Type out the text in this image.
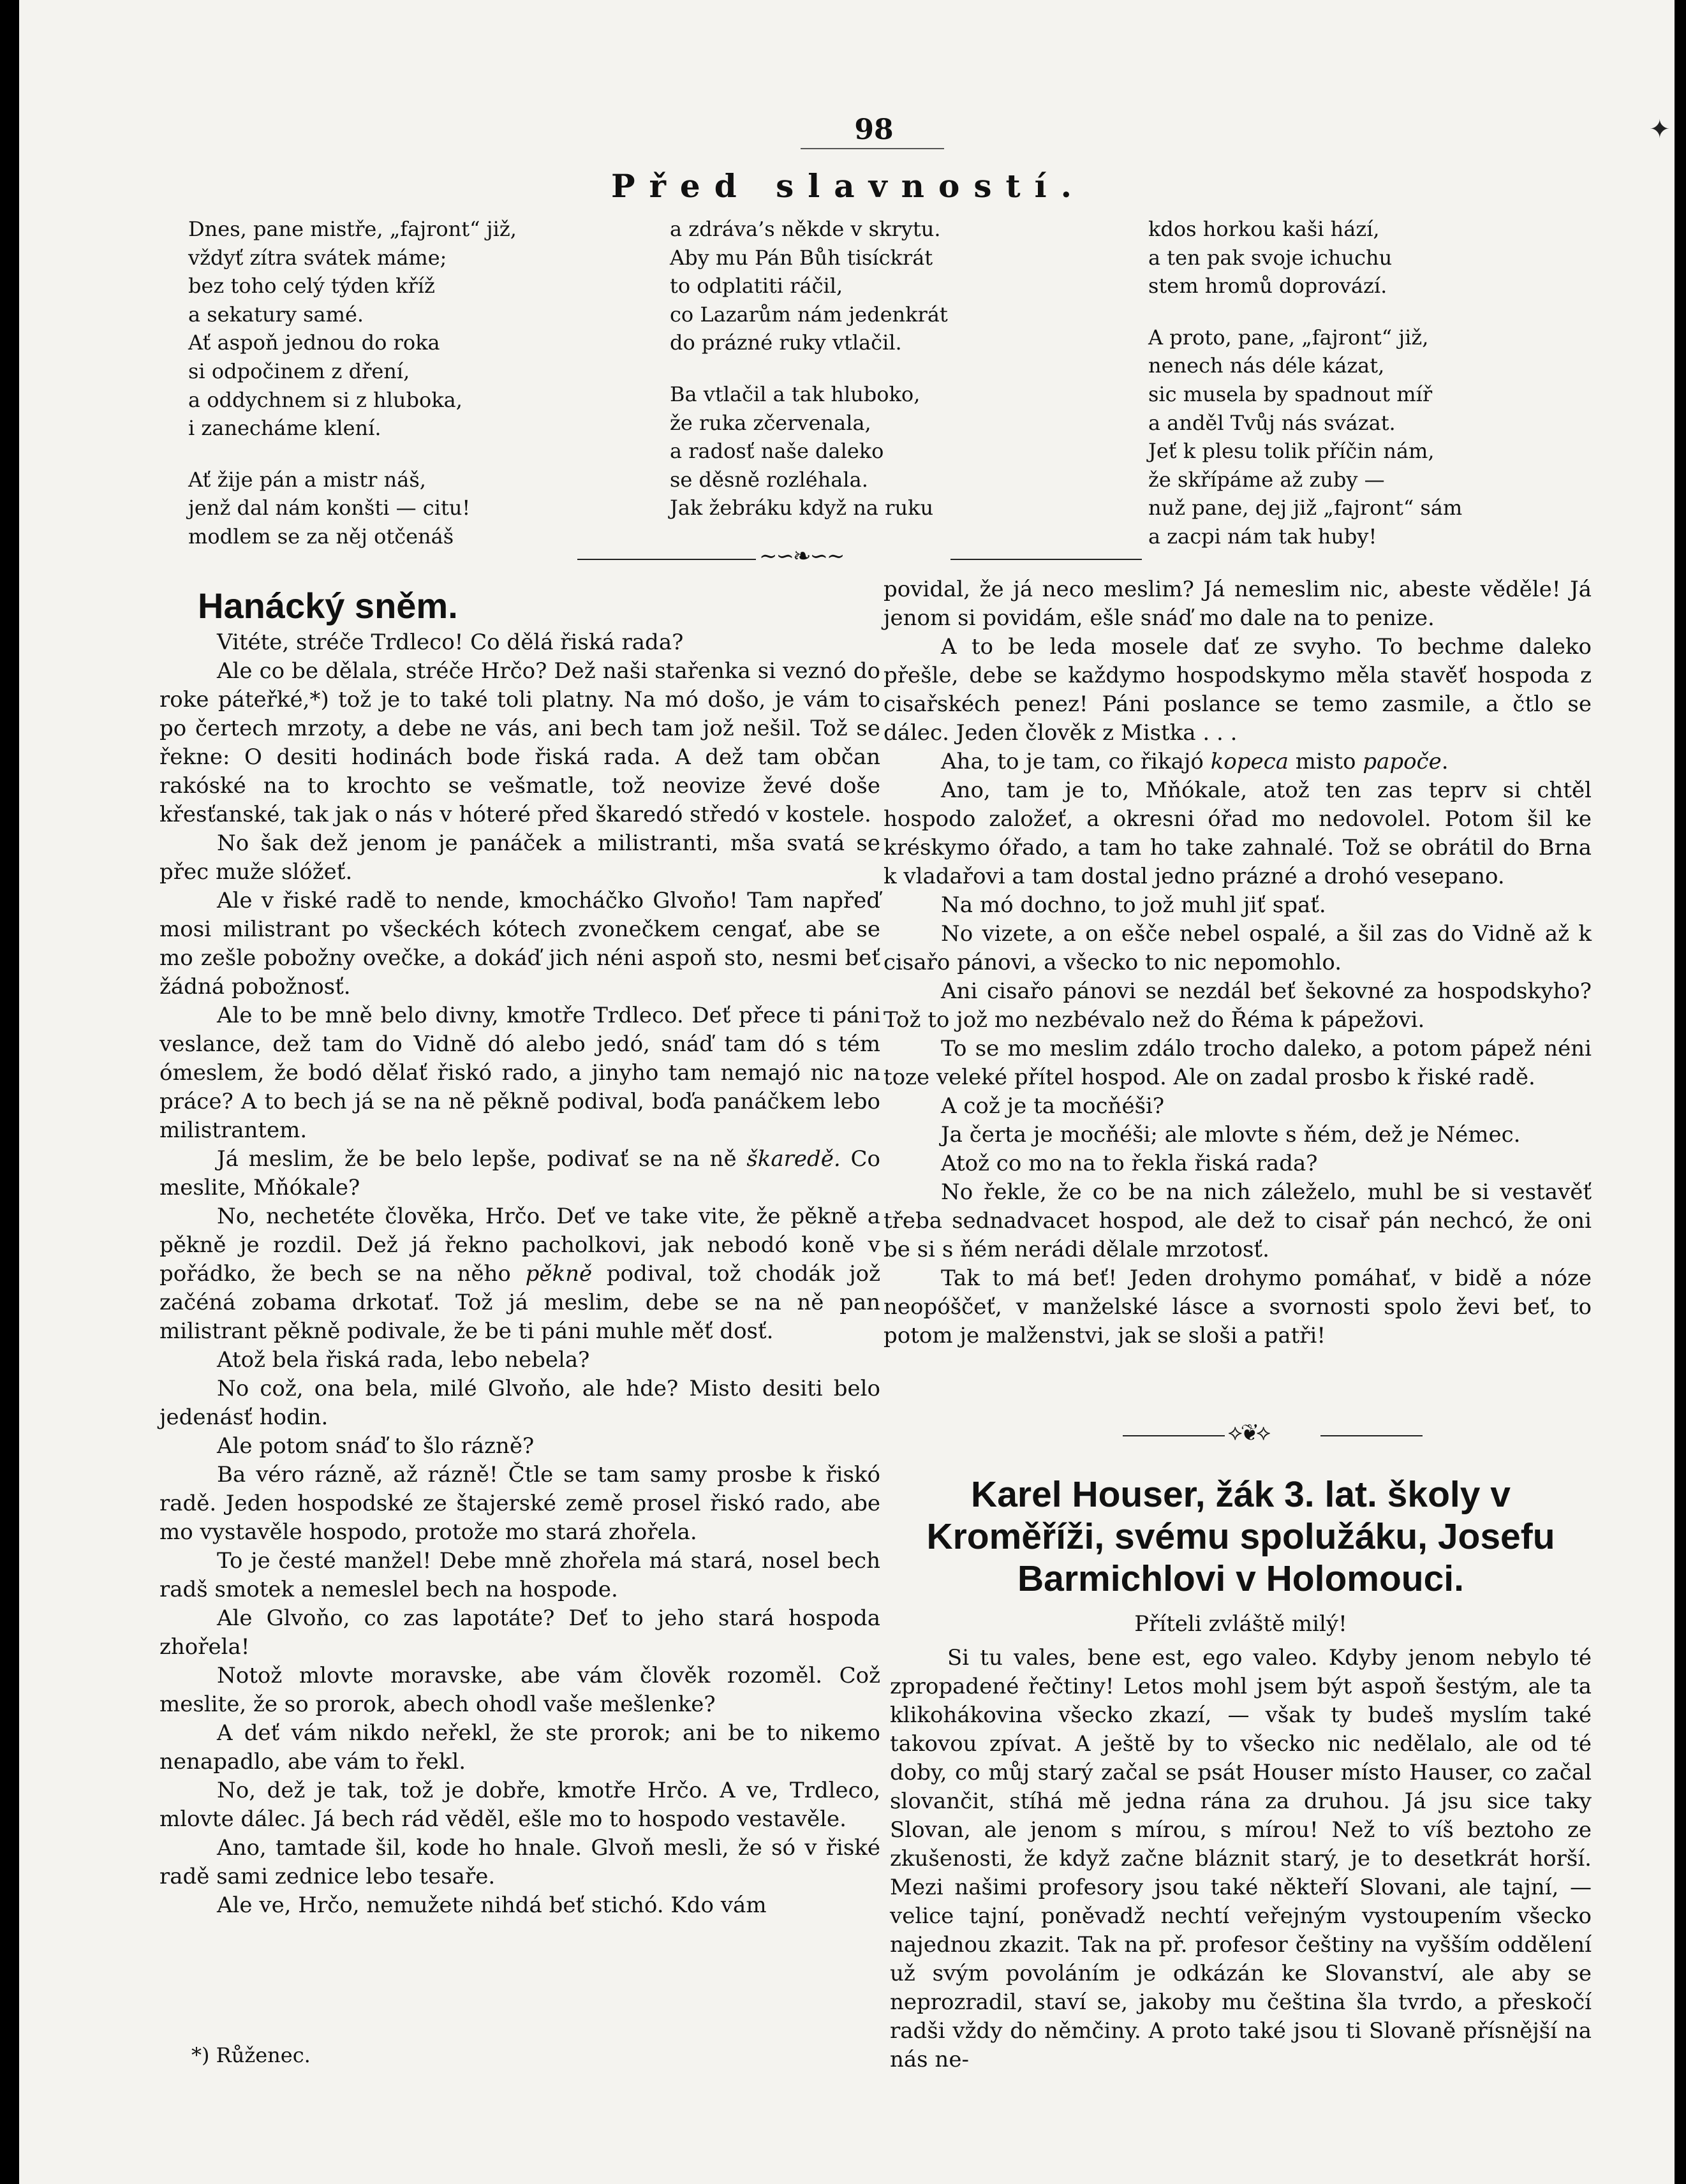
98
Před slavností.

Dnes, pane mistře, „fajront“ již,

vždyť zítra svátek máme;

bez toho celý týden kříž

a sekatury samé.

Ať aspoň jednou do roka

si odpočinem z dření,

a oddychnem si z hluboka,

i zanecháme klení.

Ať žije pán a mistr náš,

jenž dal nám konšti — citu!

modlem se za něj otčenáš

a zdráva’s někde v skrytu.

Aby mu Pán Bůh tisíckrát

to odplatiti ráčil,

co Lazarům nám jedenkrát

do prázné ruky vtlačil.

Ba vtlačil a tak hluboko,

že ruka zčervenala,

a radosť naše daleko

se děsně rozléhala.

Jak žebráku když na ruku

kdos horkou kaši hází,

a ten pak svoje ichuchu

stem hromů doprovází.

A proto, pane, „fajront“ již,

nenech nás déle kázat,

sic musela by spadnout míř

a anděl Tvůj nás svázat.

Jeť k plesu tolik příčin nám,

že skřípáme až zuby —

nuž pane, dej již „fajront“ sám

a zacpi nám tak huby!

∼∽❧∽∼
Hanácký sněm.

Vitéte, stréče Trdleco! Co dělá řiská rada?

Ale co be dělala, stréče Hrčo? Dež naši stařenka si veznó do roke páteřké,*) tož je to také toli platny. Na mó došo, je vám to po čertech mrzoty, a debe ne vás, ani bech tam jož nešil. Tož se řekne: O desiti hodinách bode řiská rada. A dež tam občan rakóské na to krochto se vešmatle, tož neovize ževé doše křesťanské, tak jak o nás v hóteré před škaredó středó v kostele.

No šak dež jenom je panáček a milistranti, mša svatá se přec muže slóžeť.

Ale v řiské radě to nende, kmocháčko Glvoňo! Tam napřeď mosi milistrant po všeckéch kótech zvonečkem cengať, abe se mo zešle pobožny ovečke, a dokáď jich néni aspoň sto, nesmi beť žádná pobožnosť.

Ale to be mně belo divny, kmotře Trdleco. Deť přece ti páni veslance, dež tam do Vidně dó alebo jedó, snáď tam dó s tém ómeslem, že bodó dělať řiskó rado, a jinyho tam nemajó nic na práce? A to bech já se na ně pěkně podival, boďa panáčkem lebo milistrantem.

Já meslim, že be belo lepše, podivať se na ně škaredě. Co meslite, Mňókale?

No, nechetéte člověka, Hrčo. Deť ve take vite, že pěkně a pěkně je rozdil. Dež já řekno pacholkovi, jak nebodó koně v pořádko, že bech se na něho pěkně podival, tož chodák jož začéná zobama drkotať. Tož já meslim, debe se na ně pan milistrant pěkně podivale, že be ti páni muhle měť dosť.

Atož bela řiská rada, lebo nebela?

No což, ona bela, milé Glvoňo, ale hde? Misto desiti belo jedenásť hodin.

Ale potom snáď to šlo rázně?

Ba véro rázně, až rázně! Čtle se tam samy prosbe k řiskó radě. Jeden hospodské ze štajerské země prosel řiskó rado, abe mo vystavěle hospodo, protože mo stará zhořela.

To je česté manžel! Debe mně zhořela má stará, nosel bech radš smotek a nemeslel bech na hospode.

Ale Glvoňo, co zas lapotáte? Deť to jeho stará hospoda zhořela!

Notož mlovte moravske, abe vám člověk rozoměl. Což meslite, že so prorok, abech ohodl vaše mešlenke?

A deť vám nikdo neřekl, že ste prorok; ani be to nikemo nenapadlo, abe vám to řekl.

No, dež je tak, tož je dobře, kmotře Hrčo. A ve, Trdleco, mlovte dálec. Já bech rád věděl, ešle mo to hospodo vestavěle.

Ano, tamtade šil, kode ho hnale. Glvoň mesli, že só v řiské radě sami zednice lebo tesaře.

Ale ve, Hrčo, nemužete nihdá beť stichó. Kdo vám

povidal, že já neco meslim? Já nemeslim nic, abeste věděle! Já jenom si povidám, ešle snáď mo dale na to penize.

A to be leda mosele dať ze svyho. To bechme daleko přešle, debe se každymo hospodskymo měla stavěť hospoda z cisařskéch penez! Páni poslance se temo zasmile, a čtlo se dálec. Jeden člověk z Mistka . . .

Aha, to je tam, co řikajó kopeca misto papoče.

Ano, tam je to, Mňókale, atož ten zas teprv si chtěl hospodo založeť, a okresni óřad mo nedovolel. Potom šil ke kréskymo óřado, a tam ho take zahnalé. Tož se obrátil do Brna k vladařovi a tam dostal jedno prázné a drohó vesepano.

Na mó dochno, to jož muhl jiť spať.

No vizete, a on ešče nebel ospalé, a šil zas do Vidně až k cisařo pánovi, a všecko to nic nepomohlo.

Ani cisařo pánovi se nezdál beť šekovné za hospodskyho? Tož to jož mo nezbévalo než do Řéma k pápežovi.

To se mo meslim zdálo trocho daleko, a potom pápež néni toze veleké přítel hospod. Ale on zadal prosbo k řiské radě.

A což je ta mocňéši?

Ja čerta je mocňéši; ale mlovte s ňém, dež je Némec.

Atož co mo na to řekla řiská rada?

No řekle, že co be na nich záleželo, muhl be si vestavěť třeba sednadvacet hospod, ale dež to cisař pán nechcó, že oni be si s ňém nerádi dělale mrzotosť.

Tak to má beť! Jeden drohymo pomáhať, v bidě a nóze neopóščeť, v manželské lásce a svornosti spolo ževi beť, to potom je malženstvi, jak se sloši a patři!

⟡❦⟡
Karel Houser, žák 3. lat. školy v Kroměříži, svému spolužáku, Josefu Barmichlovi v Holomouci.

Příteli zvláště milý!

Si tu vales, bene est, ego valeo. Kdyby jenom nebylo té zpropadené řečtiny! Letos mohl jsem být aspoň šestým, ale ta klikohákovina všecko zkazí, — však ty budeš myslím také takovou zpívat. A ještě by to všecko nic nedělalo, ale od té doby, co můj starý začal se psát Houser místo Hauser, co začal slovančit, stíhá mě jedna rána za druhou. Já jsu sice taky Slovan, ale jenom s mírou, s mírou! Než to víš beztoho ze zkušenosti, že když začne bláznit starý, je to desetkrát horší. Mezi našimi profesory jsou také někteří Slovani, ale tajní, — velice tajní, poněvadž nechtí veřejným vystoupením všecko najednou zkazit. Tak na př. profesor češtiny na vyšším oddělení už svým povoláním je odkázán ke Slovanství, ale aby se neprozradil, staví se, jakoby mu čeština šla tvrdo, a přeskočí radši vždy do němčiny. A proto také jsou ti Slovaně přísnější na nás ne-

*) Růženec.
✦
